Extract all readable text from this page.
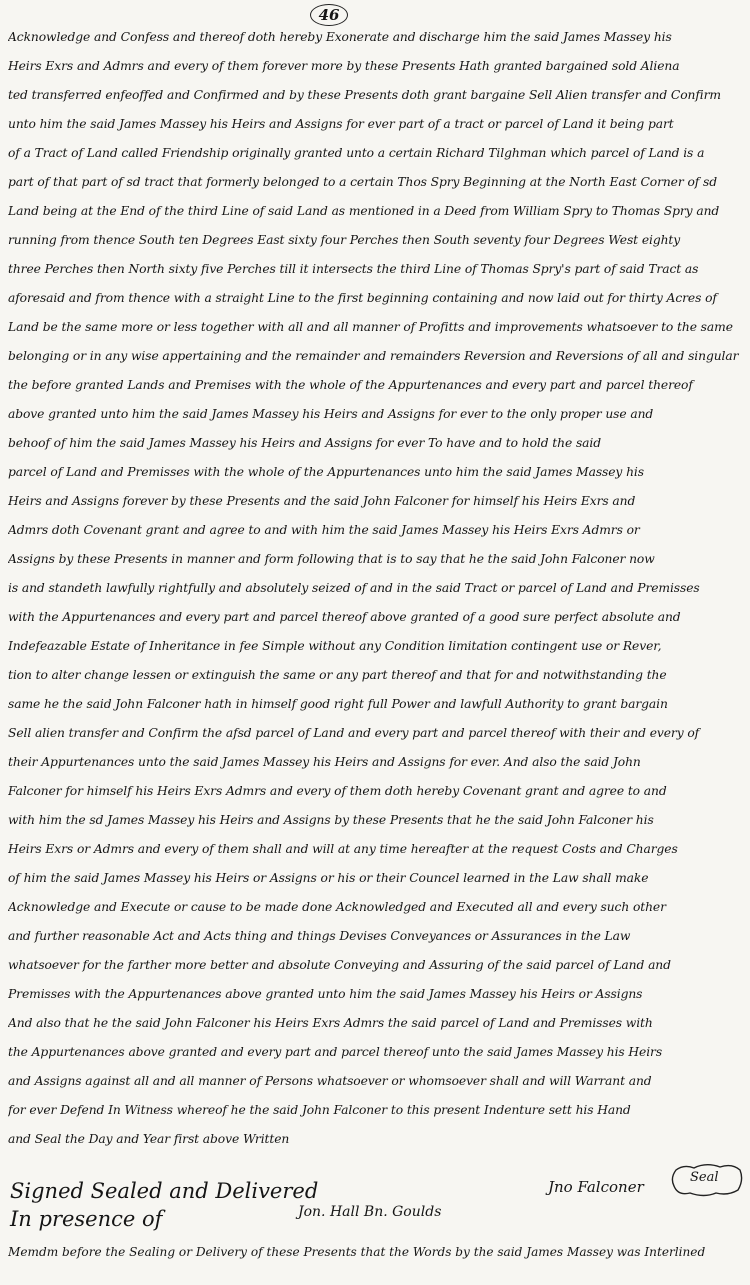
46
Acknowledge and Confess and thereof doth hereby Exonerate and discharge him the said James Massey his
Heirs Exrs and Admrs and every of them forever more by these Presents Hath granted bargained sold Aliena
ted transferred enfeoffed and Confirmed and by these Presents doth grant bargaine Sell Alien transfer and Confirm
unto him the said James Massey his Heirs and Assigns for ever part of a tract or parcel of Land it being part
of a Tract of Land called Friendship originally granted unto a certain Richard Tilghman which parcel of Land is a
part of that part of sd tract that formerly belonged to a certain Thos Spry Beginning at the North East Corner of sd
Land being at the End of the third Line of said Land as mentioned in a Deed from William Spry to Thomas Spry and
running from thence South ten Degrees East sixty four Perches then South seventy four Degrees West eighty
three Perches then North sixty five Perches till it intersects the third Line of Thomas Spry's part of said Tract as
aforesaid and from thence with a straight Line to the first beginning containing and now laid out for thirty Acres of
Land be the same more or less together with all and all manner of Profitts and improvements whatsoever to the same
belonging or in any wise appertaining and the remainder and remainders Reversion and Reversions of all and singular
the before granted Lands and Premises with the whole of the Appurtenances and every part and parcel thereof
above granted unto him the said James Massey his Heirs and Assigns for ever to the only proper use and
behoof of him the said James Massey his Heirs and Assigns for ever To have and to hold the said
parcel of Land and Premisses with the whole of the Appurtenances unto him the said James Massey his
Heirs and Assigns forever by these Presents and the said John Falconer for himself his Heirs Exrs and
Admrs doth Covenant grant and agree to and with him the said James Massey his Heirs Exrs Admrs or
Assigns by these Presents in manner and form following that is to say that he the said John Falconer now
is and standeth lawfully rightfully and absolutely seized of and in the said Tract or parcel of Land and Premisses
with the Appurtenances and every part and parcel thereof above granted of a good sure perfect absolute and
Indefeazable Estate of Inheritance in fee Simple without any Condition limitation contingent use or Rever,
tion to alter change lessen or extinguish the same or any part thereof and that for and notwithstanding the
same he the said John Falconer hath in himself good right full Power and lawfull Authority to grant bargain
Sell alien transfer and Confirm the afsd parcel of Land and every part and parcel thereof with their and every of
their Appurtenances unto the said James Massey his Heirs and Assigns for ever. And also the said John
Falconer for himself his Heirs Exrs Admrs and every of them doth hereby Covenant grant and agree to and
with him the sd James Massey his Heirs and Assigns by these Presents that he the said John Falconer his
Heirs Exrs or Admrs and every of them shall and will at any time hereafter at the request Costs and Charges
of him the said James Massey his Heirs or Assigns or his or their Councel learned in the Law shall make
Acknowledge and Execute or cause to be made done Acknowledged and Executed all and every such other
and further reasonable Act and Acts thing and things Devises Conveyances or Assurances in the Law
whatsoever for the farther more better and absolute Conveying and Assuring of the said parcel of Land and
Premisses with the Appurtenances above granted unto him the said James Massey his Heirs or Assigns
And also that he the said John Falconer his Heirs Exrs Admrs the said parcel of Land and Premisses with
the Appurtenances above granted and every part and parcel thereof unto the said James Massey his Heirs
and Assigns against all and all manner of Persons whatsoever or whomsoever shall and will Warrant and
for ever Defend In Witness whereof he the said John Falconer to this present Indenture sett his Hand
and Seal the Day and Year first above Written
Signed Sealed and Delivered
In presence of	Jon. Hall Bn. Goulds
Jno Falconer
Seal
Memdm before the Sealing or Delivery of these Presents that the Words by the said James Massey was Interlined
